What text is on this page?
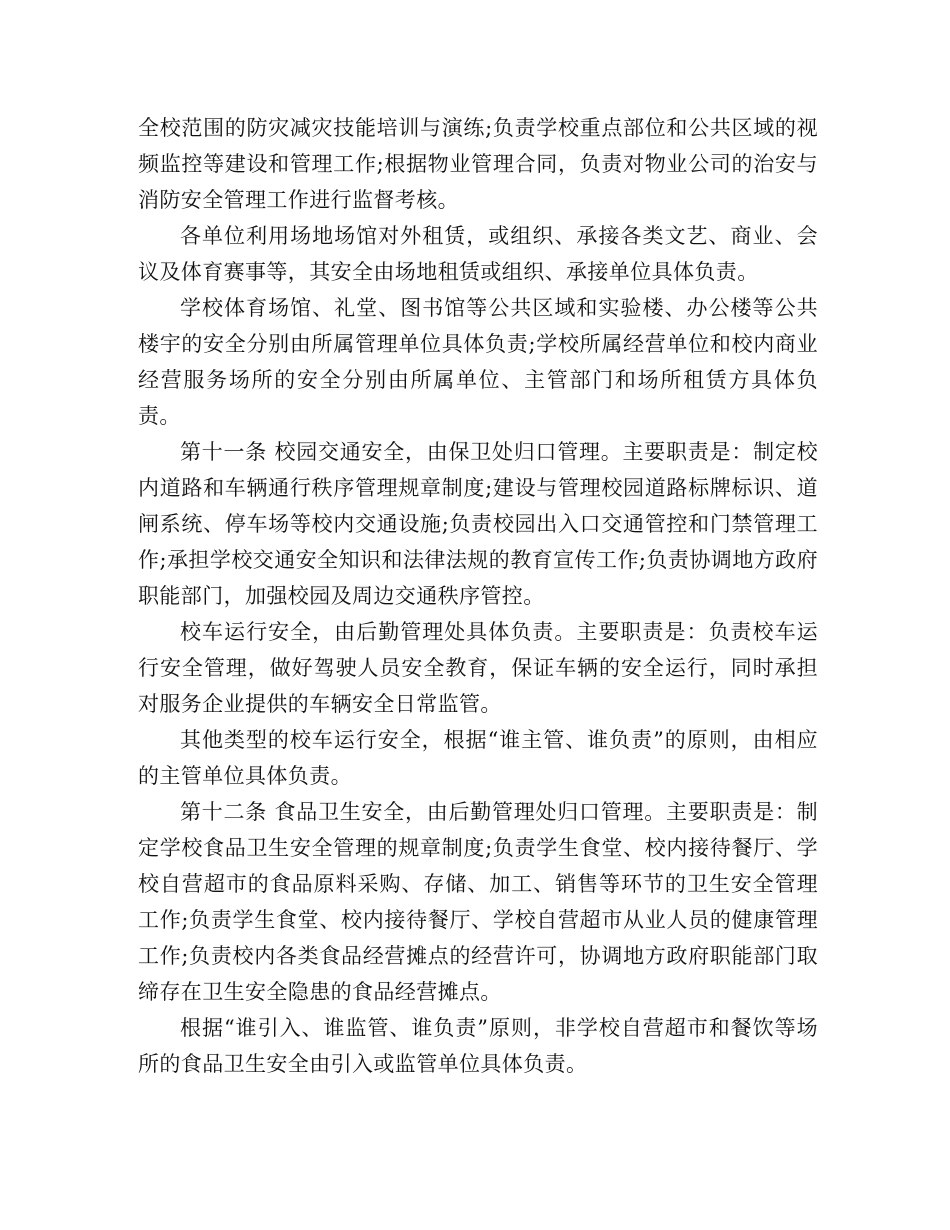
全校范围的防灾减灾技能培训与演练;负责学校重点部位和公共区域的视频监控等建设和管理工作;根据物业管理合同，负责对物业公司的治安与消防安全管理工作进行监督考核。

各单位利用场地场馆对外租赁，或组织、承接各类文艺、商业、会议及体育赛事等，其安全由场地租赁或组织、承接单位具体负责。

学校体育场馆、礼堂、图书馆等公共区域和实验楼、办公楼等公共楼宇的安全分别由所属管理单位具体负责;学校所属经营单位和校内商业经营服务场所的安全分别由所属单位、主管部门和场所租赁方具体负责。

第十一条 校园交通安全，由保卫处归口管理。主要职责是：制定校内道路和车辆通行秩序管理规章制度;建设与管理校园道路标牌标识、道闸系统、停车场等校内交通设施;负责校园出入口交通管控和门禁管理工作;承担学校交通安全知识和法律法规的教育宣传工作;负责协调地方政府职能部门，加强校园及周边交通秩序管控。

校车运行安全，由后勤管理处具体负责。主要职责是：负责校车运行安全管理，做好驾驶人员安全教育，保证车辆的安全运行，同时承担对服务企业提供的车辆安全日常监管。

其他类型的校车运行安全，根据“谁主管、谁负责”的原则，由相应的主管单位具体负责。

第十二条 食品卫生安全，由后勤管理处归口管理。主要职责是：制定学校食品卫生安全管理的规章制度;负责学生食堂、校内接待餐厅、学校自营超市的食品原料采购、存储、加工、销售等环节的卫生安全管理工作;负责学生食堂、校内接待餐厅、学校自营超市从业人员的健康管理工作;负责校内各类食品经营摊点的经营许可，协调地方政府职能部门取缔存在卫生安全隐患的食品经营摊点。

根据“谁引入、谁监管、谁负责”原则，非学校自营超市和餐饮等场所的食品卫生安全由引入或监管单位具体负责。
